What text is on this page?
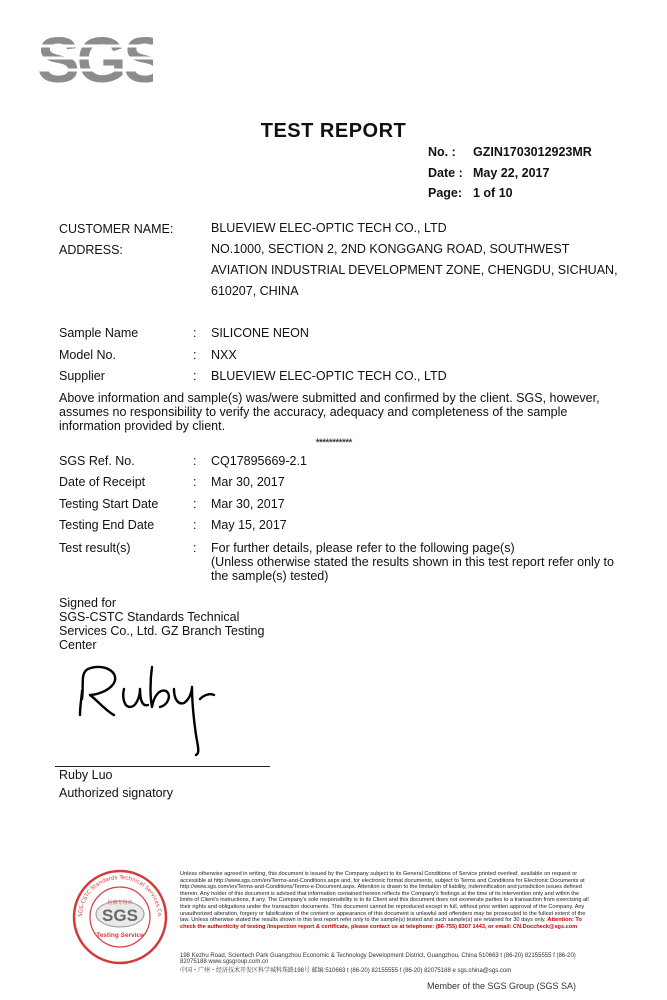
SGS
TEST REPORT
No. : GZIN1703012923MR
Date : May 22, 2017
Page: 1 of 10
CUSTOMER NAME:	BLUEVIEW ELEC-OPTIC TECH CO., LTD
ADDRESS:	NO.1000, SECTION 2, 2ND KONGGANG ROAD, SOUTHWEST
AVIATION INDUSTRIAL DEVELOPMENT ZONE, CHENGDU, SICHUAN,
610207, CHINA
Sample Name	: SILICONE NEON
Model No.	: NXX
Supplier	: BLUEVIEW ELEC-OPTIC TECH CO., LTD
Above information and sample(s) was/were submitted and confirmed by the client. SGS, however,
assumes no responsibility to verify the accuracy, adequacy and completeness of the sample
information provided by client.
***********
SGS Ref. No.	: CQ17895669-2.1
Date of Receipt	: Mar 30, 2017
Testing Start Date	: Mar 30, 2017
Testing End Date	: May 15, 2017
Test result(s)	: For further details, please refer to the following page(s)
(Unless otherwise stated the results shown in this test report refer only to
the sample(s) tested)
Signed for
SGS-CSTC Standards Technical
Services Co., Ltd. GZ Branch Testing
Center
Ruby Luo
Authorized signatory
SGS
Testing Service
检测专用章
SGS-CSTC Standards Technical Services Co.
Unless otherwise agreed in writing, this document is issued by the Company subject to its General Conditions of Service printed overleaf, available on request or accessible at http://www.sgs.com/en/Terms-and-Conditions.aspx and, for electronic format documents, subject to Terms and Conditions for Electronic Documents at http://www.sgs.com/en/Terms-and-Conditions/Terms-e-Document.aspx. Attention is drawn to the limitation of liability, indemnification and jurisdiction issues defined therein. Any holder of this document is advised that information contained hereon reflects the Company's findings at the time of its intervention only and within the limits of Client's instructions, if any. The Company's sole responsibility is to its Client and this document does not exonerate parties to a transaction from exercising all their rights and obligations under the transaction documents. This document cannot be reproduced except in full, without prior written approval of the Company. Any unauthorized alteration, forgery or falsification of the content or appearance of this document is unlawful and offenders may be prosecuted to the fullest extent of the law. Unless otherwise stated the results shown in this test report refer only to the sample(s) tested and such sample(s) are retained for 30 days only. Attention: To check the authenticity of testing /inspection report & certificate, please contact us at telephone: (86-755) 8307 1443, or email: CN.Doccheck@sgs.com
198 Kezhu Road, Scientech Park Guangzhou Economic & Technology Development District, Guangzhou, China 510663 t (86-20) 82155555 f (86-20) 82075188 www.sgsgroup.com.cn
中国・广州・经济技术开发区科学城科珠路198号 邮编:510663 t (86-20) 82155555 f (86-20) 82075188 e sgs.china@sgs.com
Member of the SGS Group (SGS SA)
